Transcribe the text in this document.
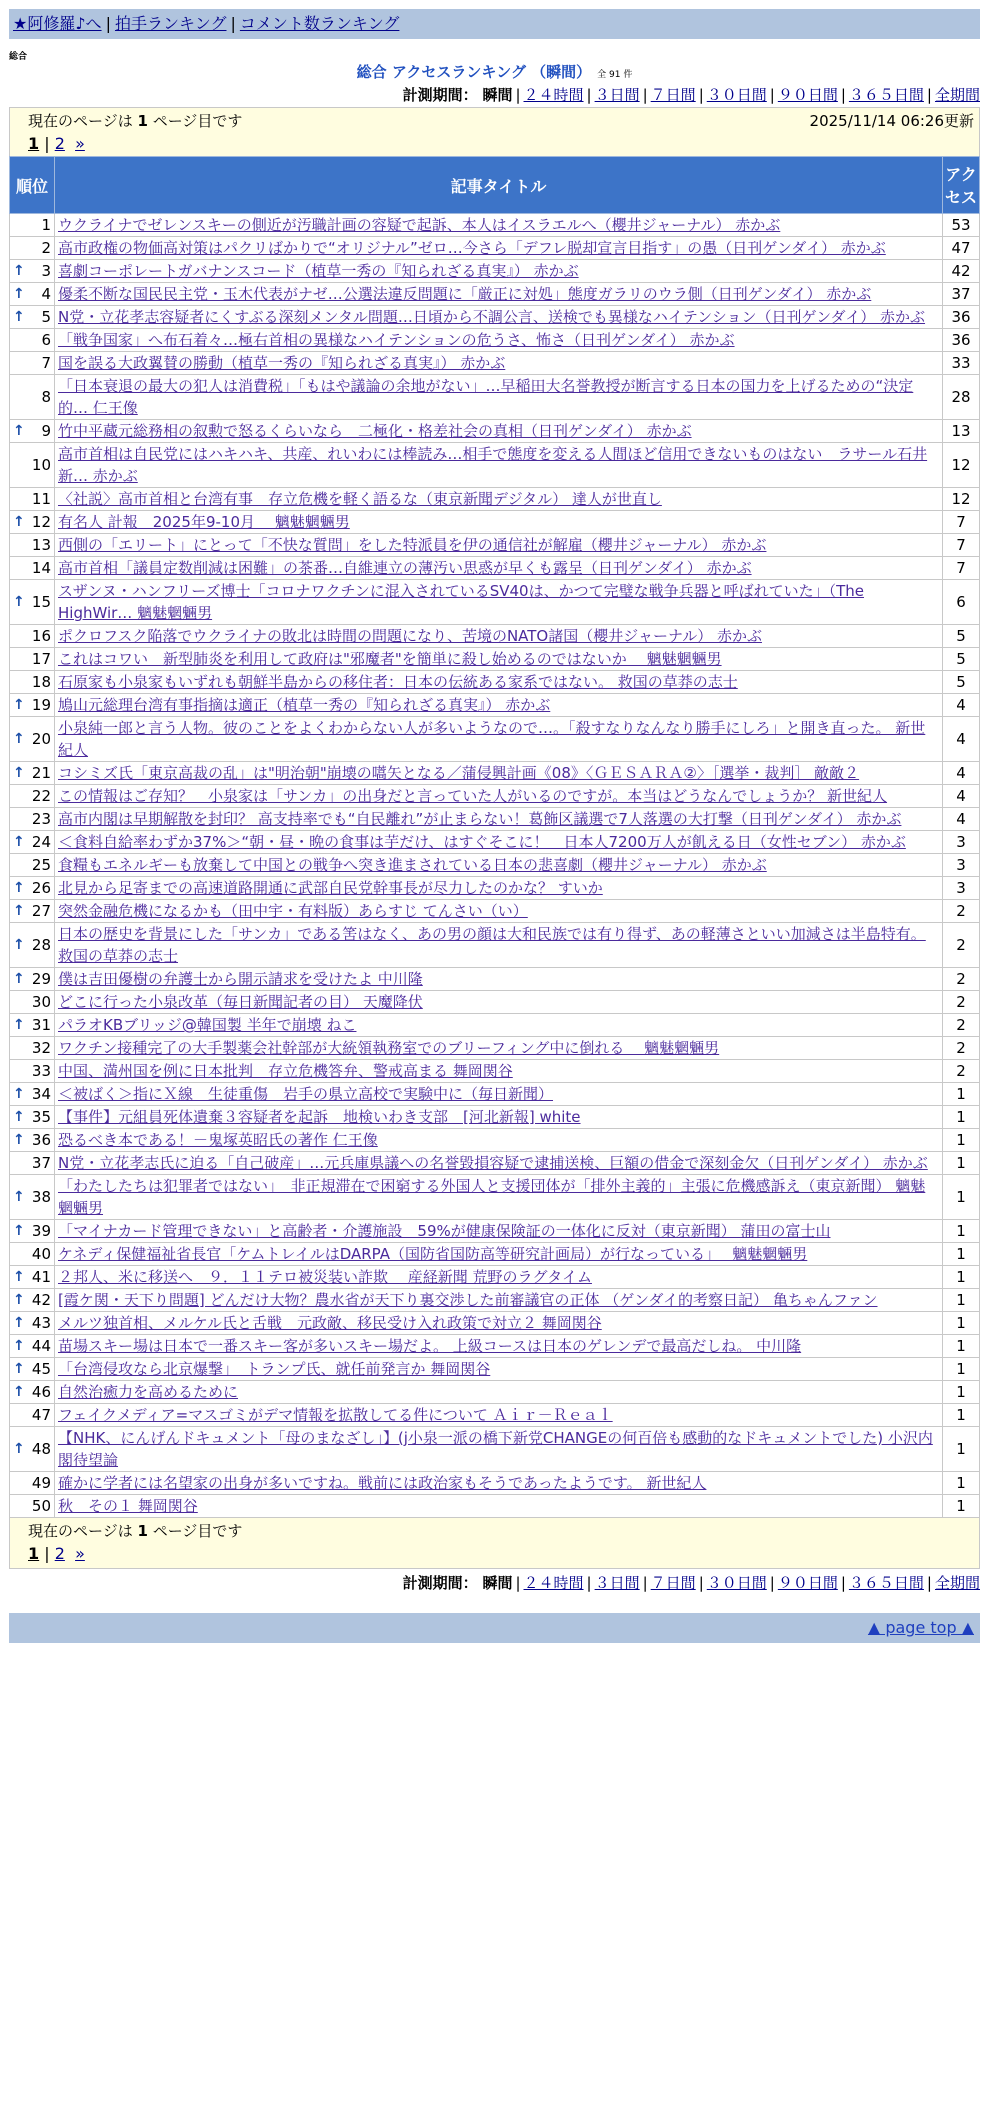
★阿修羅♪へ | 拍手ランキング | コメント数ランキング
総合
総合 アクセスランキング （瞬間） 全 91 件
計測期間： 瞬間 | ２４時間 | ３日間 | ７日間 | ３０日間 | ９０日間 | ３６５日間 | 全期間
現在のページは 1 ページ目です	2025/11/14 06:26更新
1 | 2 »
順位	記事タイトル	アクセス
1	ウクライナでゼレンスキーの側近が汚職計画の容疑で起訴、本人はイスラエルへ（櫻井ジャーナル） 赤かぶ	53
2	高市政権の物価高対策はパクリばかりで“オリジナル”ゼロ…今さら「デフレ脱却宣言目指す」の愚（日刊ゲンダイ） 赤かぶ	47

↑ 3	喜劇コーポレートガバナンスコード（植草一秀の『知られざる真実』） 赤かぶ	42

↑ 4	優柔不断な国民民主党・玉木代表がナゼ…公選法違反問題に「厳正に対処」態度ガラリのウラ側（日刊ゲンダイ） 赤かぶ	37

↑ 5	N党・立花孝志容疑者にくすぶる深刻メンタル問題…日頃から不調公言、送検でも異様なハイテンション（日刊ゲンダイ） 赤かぶ	36
6	「戦争国家」へ布石着々…極右首相の異様なハイテンションの危うさ、怖さ（日刊ゲンダイ） 赤かぶ	36
7	国を誤る大政翼賛の勝動（植草一秀の『知られざる真実』） 赤かぶ	33
8	「日本衰退の最大の犯人は消費税」「もはや議論の余地がない」…早稲田大名誉教授が断言する日本の国力を上げるための“決定的… 仁王像	28

↑ 9	竹中平蔵元総務相の叙勲で怒るくらいなら　二極化・格差社会の真相（日刊ゲンダイ） 赤かぶ	13
10	高市首相は自民党にはハキハキ、共産、れいわには棒読み…相手で態度を変える人間ほど信用できないものはない　ラサール石井 新… 赤かぶ	12
11	〈社説〉高市首相と台湾有事　存立危機を軽く語るな（東京新聞デジタル） 達人が世直し	12

↑ 12	有名人 計報　2025年9-10月　 魑魅魍魎男	7
13	西側の「エリート」にとって「不快な質問」をした特派員を伊の通信社が解雇（櫻井ジャーナル） 赤かぶ	7
14	高市首相「議員定数削減は困難」の茶番…自維連立の薄汚い思惑が早くも露呈（日刊ゲンダイ） 赤かぶ	7

↑ 15	スザンヌ・ハンフリーズ博士「コロナワクチンに混入されているSV40は、かつて完璧な戦争兵器と呼ばれていた」（The HighWir… 魑魅魍魎男	6
16	ポクロフスク陥落でウクライナの敗北は時間の問題になり、苦境のNATO諸国（櫻井ジャーナル） 赤かぶ	5
17	これはコワい　新型肺炎を利用して政府は"邪魔者"を簡単に殺し始めるのではないか　 魑魅魍魎男	5
18	石原家も小泉家もいずれも朝鮮半島からの移住者：日本の伝統ある家系ではない。 救国の草莽の志士	5

↑ 19	鳩山元総理台湾有事指摘は適正（植草一秀の『知られざる真実』） 赤かぶ	4

↑ 20	小泉純一郎と言う人物。彼のことをよくわからない人が多いようなので…。「殺すなりなんなり勝手にしろ」と開き直った。 新世紀人	4

↑ 21	コシミズ氏「東京高裁の乱」は"明治朝"崩壊の嚆矢となる／蒲侵興計画《08》〈ＧＥＳＡＲＡ②〉［選挙・裁判］ 敵敵２	4
22	この情報はご存知？　小泉家は「サンカ」の出身だと言っていた人がいるのですが。本当はどうなんでしょうか？ 新世紀人	4
23	高市内閣は早期解散を封印？ 高支持率でも“自民離れ”が止まらない！葛飾区議選で7人落選の大打撃（日刊ゲンダイ） 赤かぶ	4

↑ 24	＜食料自給率わずか37%＞“朝・昼・晩の食事は芋だけ、はすぐそこに！　日本人7200万人が飢える日（女性セブン） 赤かぶ	3
25	食糧もエネルギーも放棄して中国との戦争へ突き進まされている日本の悲喜劇（櫻井ジャーナル） 赤かぶ	3

↑ 26	北見から足寄までの高速道路開通に武部自民党幹事長が尽力したのかな？ すいか	3

↑ 27	突然金融危機になるかも（田中宇・有料版）あらすじ てんさい（い）	2

↑ 28	日本の歴史を背景にした「サンカ」である筈はなく、あの男の顔は大和民族では有り得ず、あの軽薄さといい加減さは半島特有。 救国の草莽の志士	2

↑ 29	僕は吉田優樹の弁護士から開示請求を受けたよ 中川隆	2
30	どこに行った小泉改革（毎日新聞記者の目） 天魔降伏	2

↑ 31	パラオKBブリッジ@韓国製 半年で崩壊 ねこ	2
32	ワクチン接種完了の大手製薬会社幹部が大統領執務室でのブリーフィング中に倒れる　 魑魅魍魎男	2
33	中国、満州国を例に日本批判　存立危機答弁、警戒高まる 舞岡関谷	2

↑ 34	＜被ばく＞指にＸ線　生徒重傷　岩手の県立高校で実験中に（毎日新聞）	1

↑ 35	【事件】元組員死体遺棄３容疑者を起訴　地検いわき支部　[河北新報] white	1

↑ 36	恐るべき本である！－鬼塚英昭氏の著作 仁王像	1
37	N党・立花孝志氏に迫る「自己破産」…元兵庫県議への名誉毀損容疑で逮捕送検、巨額の借金で深刻金欠（日刊ゲンダイ） 赤かぶ	1

↑ 38	「わたしたちは犯罪者ではない」　非正規滞在で困窮する外国人と支援団体が「排外主義的」主張に危機感訴え（東京新聞） 魑魅魍魎男	1

↑ 39	「マイナカード管理できない」と高齢者・介護施設　59%が健康保険証の一体化に反対（東京新聞） 蒲田の富士山	1
40	ケネディ保健福祉省長官「ケムトレイルはDARPA（国防省国防高等研究計画局）が行なっている」　 魑魅魍魎男	1

↑ 41	２邦人、米に移送へ　９．１１テロ被災装い詐欺　 産経新聞 荒野のラグタイム	1

↑ 42	[霞ケ関・天下り問題] どんだけ大物？農水省が天下り裏交渉した前審議官の正体 （ゲンダイ的考察日記） 亀ちゃんファン	1

↑ 43	メルツ独首相、メルケル氏と舌戦　元政敵、移民受け入れ政策で対立２ 舞岡関谷	1

↑ 44	苗場スキー場は日本で一番スキー客が多いスキー場だよ。 上級コースは日本のゲレンデで最高だしね。 中川隆	1

↑ 45	「台湾侵攻なら北京爆撃」　トランプ氏、就任前発言か 舞岡関谷	1

↑ 46	自然治癒力を高めるために	1
47	フェイクメディア=マスゴミがデマ情報を拡散してる件について Ａｉｒ－Ｒｅａｌ	1

↑ 48	【NHK、にんげんドキュメント「母のまなざし」】(j小泉一派の橋下新党CHANGEの何百倍も感動的なドキュメントでした) 小沢内閣待望論	1
49	確かに学者には名望家の出身が多いですね。戦前には政治家もそうであったようです。 新世紀人	1
50	秋　その１ 舞岡関谷	1
現在のページは 1 ページ目です
1 | 2 »
計測期間： 瞬間 | ２４時間 | ３日間 | ７日間 | ３０日間 | ９０日間 | ３６５日間 | 全期間
▲ page top ▲
